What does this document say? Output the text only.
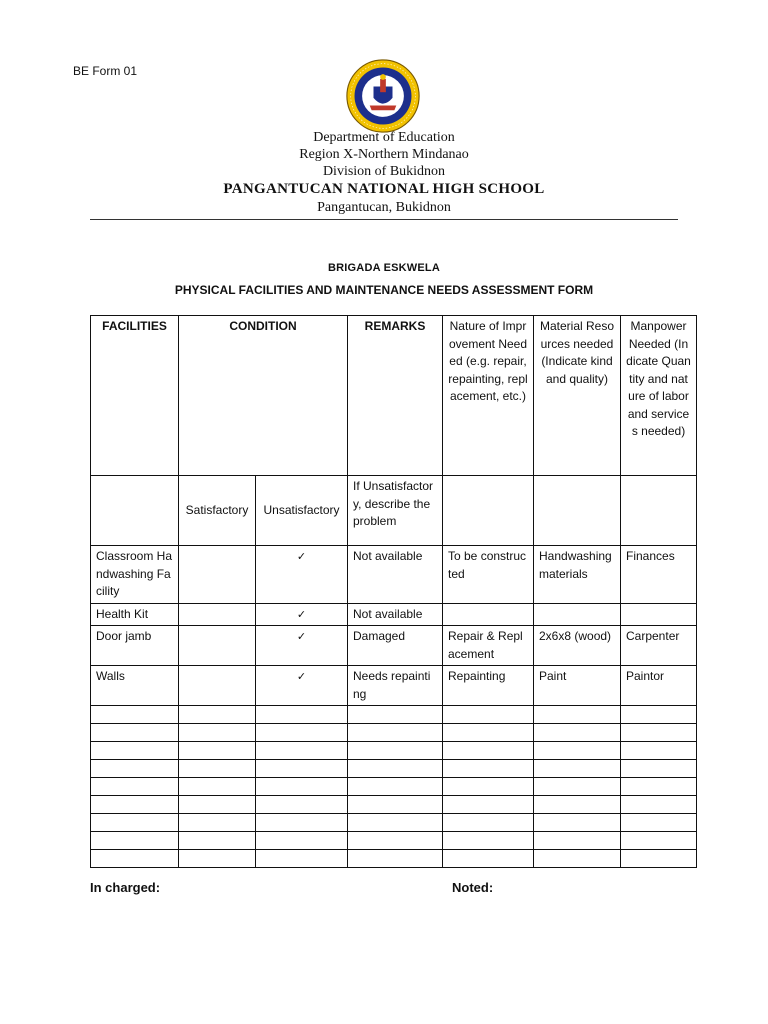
BE Form 01
Department of Education
Region X-Northern Mindanao
Division of Bukidnon
PANGANTUCAN NATIONAL HIGH SCHOOL
Pangantucan, Bukidnon
BRIGADA ESKWELA
PHYSICAL FACILITIES AND MAINTENANCE NEEDS ASSESSMENT FORM
FACILITIES	CONDITION		REMARKS	Nature of Improvement Needed (e.g. repair, repainting, replacement, etc.)	Material Resources needed (Indicate kind and quality)	Manpower Needed (Indicate Quantity and nature of labor and services needed)
	Satisfactory	Unsatisfactory	If Unsatisfactory, describe the problem			
Classroom Handwashing Facility		✓	Not available	To be constructed	Handwashing materials	Finances
Health Kit		✓	Not available			
Door jamb		✓	Damaged	Repair & Replacement	2x6x8 (wood)	Carpenter
Walls		✓	Needs repainting	Repainting	Paint	Paintor

In charged:	Noted:
